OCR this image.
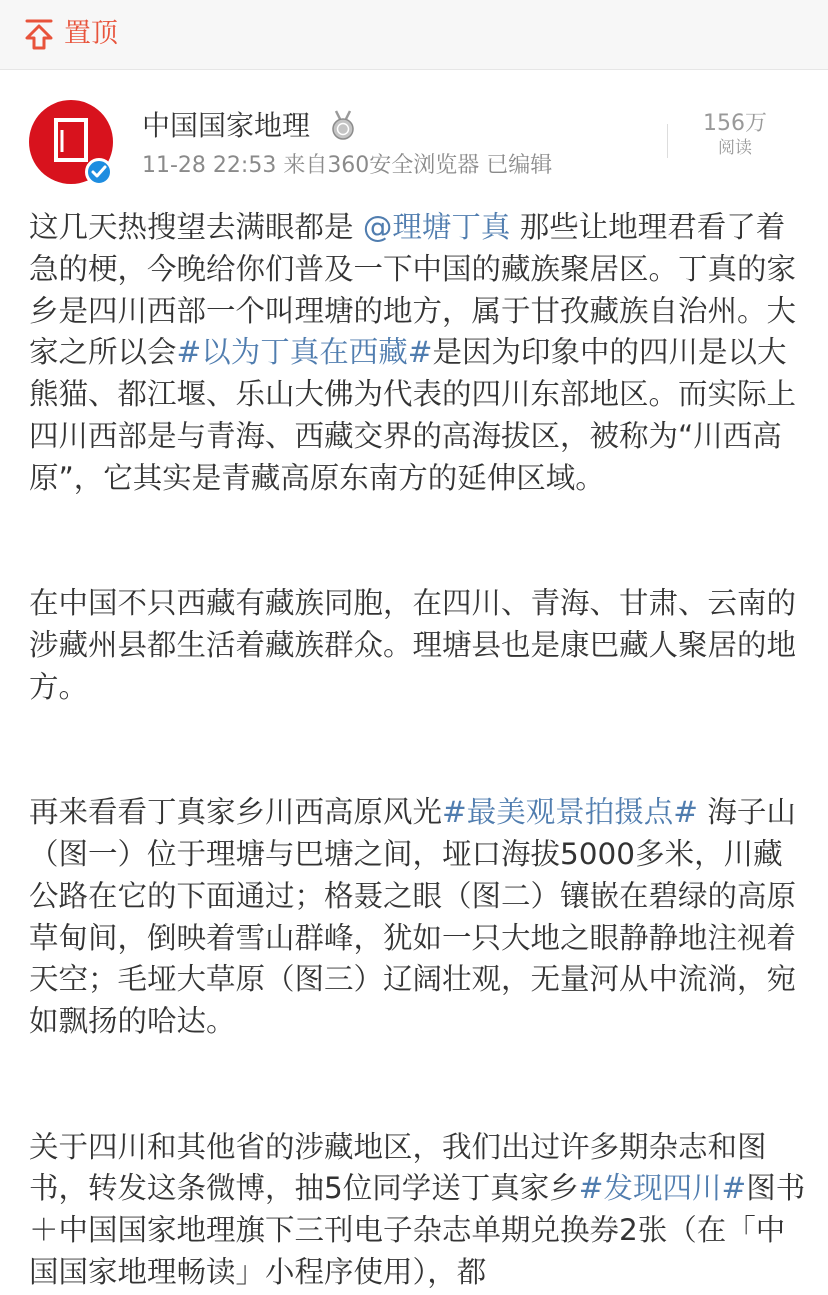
置顶
中国国家地理
11-28 22:53 来自360安全浏览器 已编辑
156万
阅读

这几天热搜望去满眼都是 @理塘丁真 那些让地理君看了着急的梗，今晚给你们普及一下中国的藏族聚居区。丁真的家乡是四川西部一个叫理塘的地方，属于甘孜藏族自治州。大家之所以会#以为丁真在西藏#是因为印象中的四川是以大熊猫、都江堰、乐山大佛为代表的四川东部地区。而实际上四川西部是与青海、西藏交界的高海拔区，被称为“川西高原”，它其实是青藏高原东南方的延伸区域。

在中国不只西藏有藏族同胞，在四川、青海、甘肃、云南的涉藏州县都生活着藏族群众。理塘县也是康巴藏人聚居的地方。

再来看看丁真家乡川西高原风光#最美观景拍摄点# 海子山（图一）位于理塘与巴塘之间，垭口海拔5000多米，川藏公路在它的下面通过；格聂之眼（图二）镶嵌在碧绿的高原草甸间，倒映着雪山群峰，犹如一只大地之眼静静地注视着天空；毛垭大草原（图三）辽阔壮观，无量河从中流淌，宛如飘扬的哈达。

关于四川和其他省的涉藏地区，我们出过许多期杂志和图书，转发这条微博，抽5位同学送丁真家乡#发现四川#图书＋中国国家地理旗下三刊电子杂志单期兑换券2张（在「中国国家地理畅读」小程序使用），都
